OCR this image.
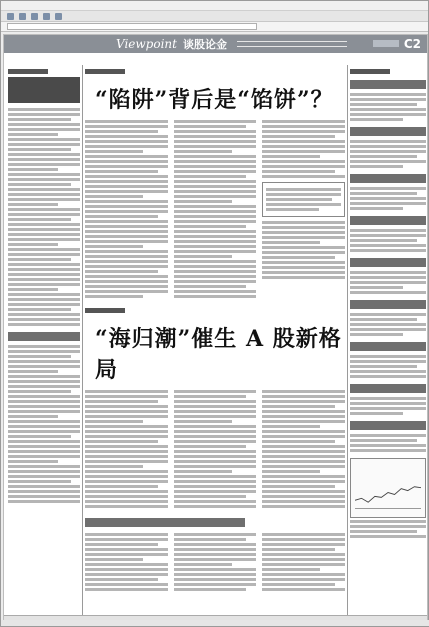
Viewpoint 谈股论金	C2
“陷阱”背后是“馅饼”？
“海归潮”催生 A 股新格局
